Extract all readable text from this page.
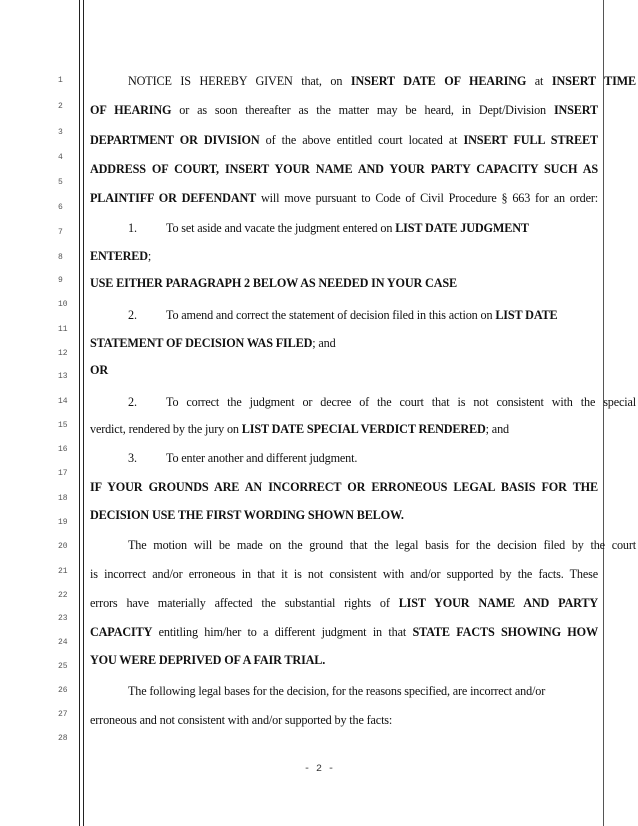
1
2
3
4
5
6
7
8
9
10
11
12
13
14
15
16
17
18
19
20
21
22
23
24
25
26
27
28
NOTICE IS HEREBY GIVEN that, on INSERT DATE OF HEARING at INSERT TIME
OF HEARING or as soon thereafter as the matter may be heard, in Dept/Division INSERT
DEPARTMENT OR DIVISION of the above entitled court located at INSERT FULL STREET
ADDRESS OF COURT, INSERT YOUR NAME AND YOUR PARTY CAPACITY SUCH AS
PLAINTIFF OR DEFENDANT will move pursuant to Code of Civil Procedure § 663 for an order:
1. To set aside and vacate the judgment entered on LIST DATE JUDGMENT
ENTERED;
USE EITHER PARAGRAPH 2 BELOW AS NEEDED IN YOUR CASE
2. To amend and correct the statement of decision filed in this action on LIST DATE
STATEMENT OF DECISION WAS FILED; and
OR
2. To correct the judgment or decree of the court that is not consistent with the special
verdict, rendered by the jury on LIST DATE SPECIAL VERDICT RENDERED; and
3. To enter another and different judgment.
IF YOUR GROUNDS ARE AN INCORRECT OR ERRONEOUS LEGAL BASIS FOR THE
DECISION USE THE FIRST WORDING SHOWN BELOW.
The motion will be made on the ground that the legal basis for the decision filed by the court
is incorrect and/or erroneous in that it is not consistent with and/or supported by the facts. These
errors have materially affected the substantial rights of LIST YOUR NAME AND PARTY
CAPACITY entitling him/her to a different judgment in that STATE FACTS SHOWING HOW
YOU WERE DEPRIVED OF A FAIR TRIAL.
The following legal bases for the decision, for the reasons specified, are incorrect and/or
erroneous and not consistent with and/or supported by the facts:
- 2 -
